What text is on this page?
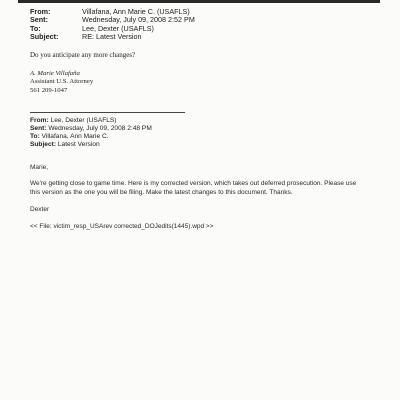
From:	Villafana, Ann Marie C. (USAFLS)
Sent:	Wednesday, July 09, 2008 2:52 PM
To:	Lee, Dexter (USAFLS)
Subject:	RE: Latest Version
Do you anticipate any more changes?
A. Marie Villafaña
Assistant U.S. Attorney
561 209-1047
From: Lee, Dexter (USAFLS)
Sent: Wednesday, July 09, 2008 2:48 PM
To: Villafana, Ann Marie C.
Subject: Latest Version
Marie,
We're getting close to game time. Here is my corrected version, which takes out deferred prosecution. Please use
this version as the one you will be filing. Make the latest changes to this document. Thanks.
Dexter
<< File: victim_resp_USArev corrected_DOJedits(1445).wpd >>
